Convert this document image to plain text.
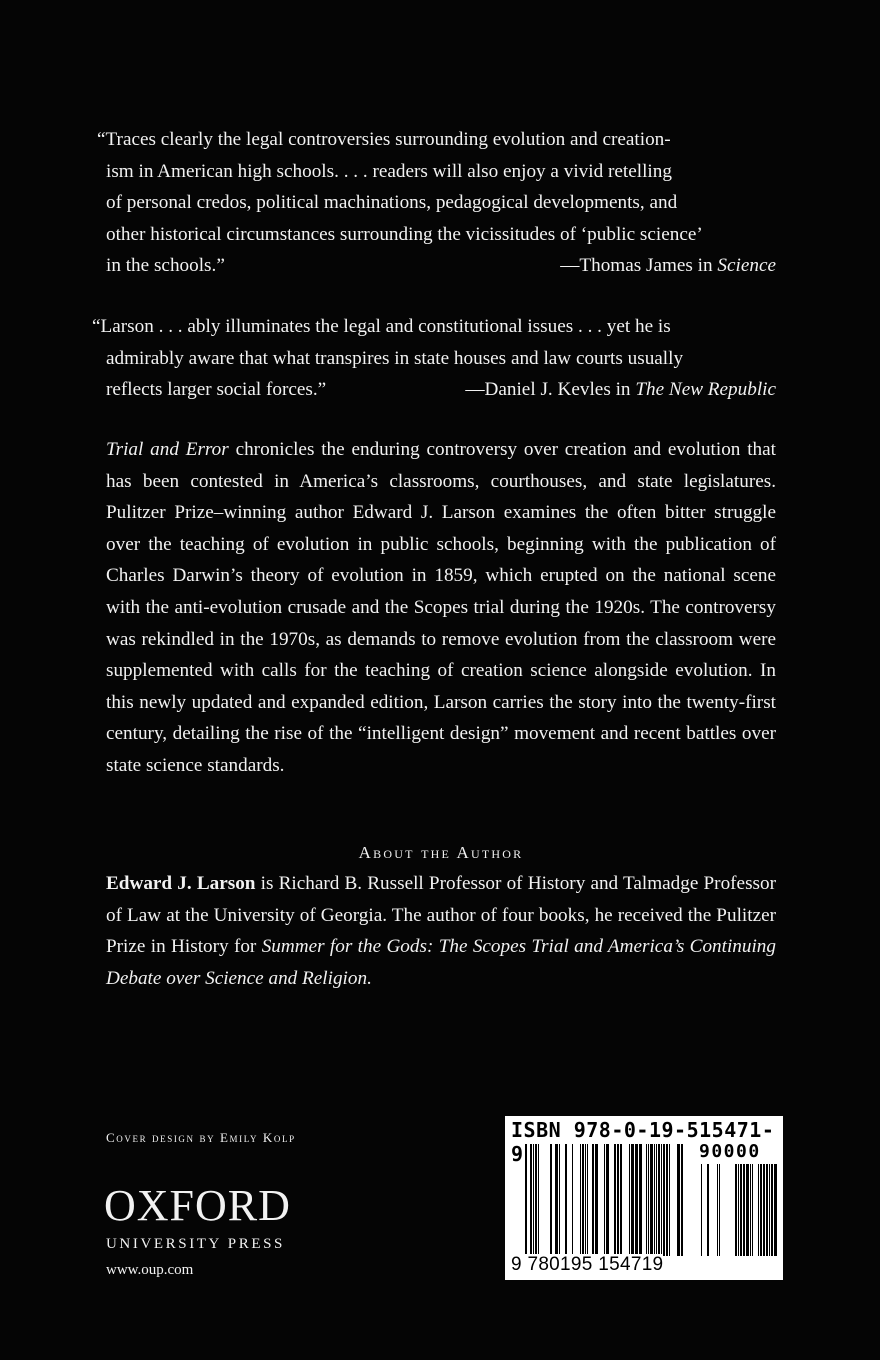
“Traces clearly the legal controversies surrounding evolution and creation-
ism in American high schools. . . . readers will also enjoy a vivid retelling
of personal credos, political machinations, pedagogical developments, and
other historical circumstances surrounding the vicissitudes of ‘public science’
in the schools.”	—Thomas James in Science
“Larson . . . ably illuminates the legal and constitutional issues . . . yet he is
admirably aware that what transpires in state houses and law courts usually
reflects larger social forces.”	—Daniel J. Kevles in The New Republic

Trial and Error chronicles the enduring controversy over creation and evolution that has been contested in America’s classrooms, courthouses, and state legislatures. Pulitzer Prize–winning author Edward J. Larson examines the often bitter struggle over the teaching of evolution in public schools, beginning with the publication of Charles Darwin’s theory of evolution in 1859, which erupted on the national scene with the anti-evolution crusade and the Scopes trial during the 1920s. The controversy was rekindled in the 1970s, as demands to remove evolution from the classroom were supplemented with calls for the teaching of creation science alongside evolution. In this newly updated and expanded edition, Larson carries the story into the twenty-first century, detailing the rise of the “intelligent design” movement and recent battles over state science standards.

About the Author

Edward J. Larson is Richard B. Russell Professor of History and Talmadge Professor of Law at the University of Georgia. The author of four books, he received the Pulitzer Prize in History for Summer for the Gods: The Scopes Trial and America’s Continuing Debate over Science and Religion.

Cover design by Emily Kolp
OXFORD
UNIVERSITY PRESS
www.oup.com
ISBN 978-0-19-515471-9	90000
9 780195 154719
